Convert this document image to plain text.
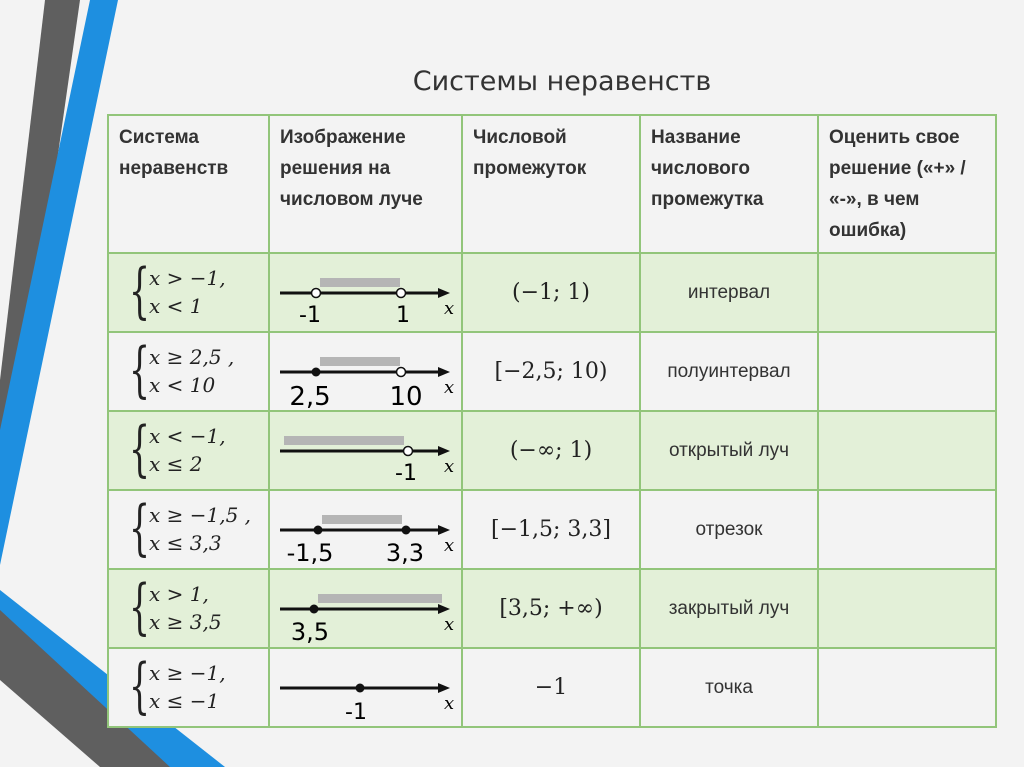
Системы неравенств
Система неравенств	Изображение решения на числовом луче	Числовой промежуток	Название числового промежутка	Оценить свое решение («+» / «-», в чем ошибка)

{
x > −1,
x < 1	-1 1 x	(−1; 1)	интервал	

{
x ≥ 2,5 ,
x < 10	2,5 10 x	[−2,5; 10)	полуинтервал	

{
x < −1,
x ≤ 2	-1 x	(−∞; 1)	открытый луч	

{
x ≥ −1,5 ,
x ≤ 3,3	-1,5 3,3 x	[−1,5; 3,3]	отрезок	

{
x > 1,
x ≥ 3,5	3,5 x	[3,5; +∞)	закрытый луч	

{
x ≥ −1,
x ≤ −1	-1 x	−1	точка	
